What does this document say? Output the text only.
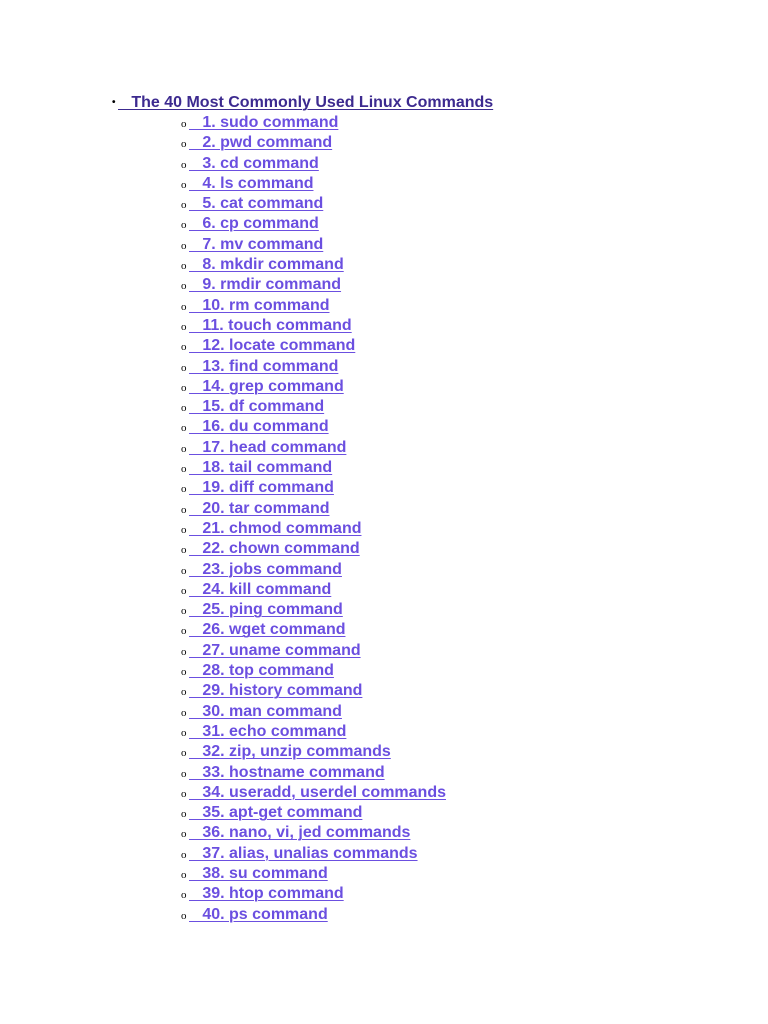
• The 40 Most Commonly Used Linux Commands
o 1. sudo command
o 2. pwd command
o 3. cd command
o 4. ls command
o 5. cat command
o 6. cp command
o 7. mv command
o 8. mkdir command
o 9. rmdir command
o 10. rm command
o 11. touch command
o 12. locate command
o 13. find command
o 14. grep command
o 15. df command
o 16. du command
o 17. head command
o 18. tail command
o 19. diff command
o 20. tar command
o 21. chmod command
o 22. chown command
o 23. jobs command
o 24. kill command
o 25. ping command
o 26. wget command
o 27. uname command
o 28. top command
o 29. history command
o 30. man command
o 31. echo command
o 32. zip, unzip commands
o 33. hostname command
o 34. useradd, userdel commands
o 35. apt-get command
o 36. nano, vi, jed commands
o 37. alias, unalias commands
o 38. su command
o 39. htop command
o 40. ps command
